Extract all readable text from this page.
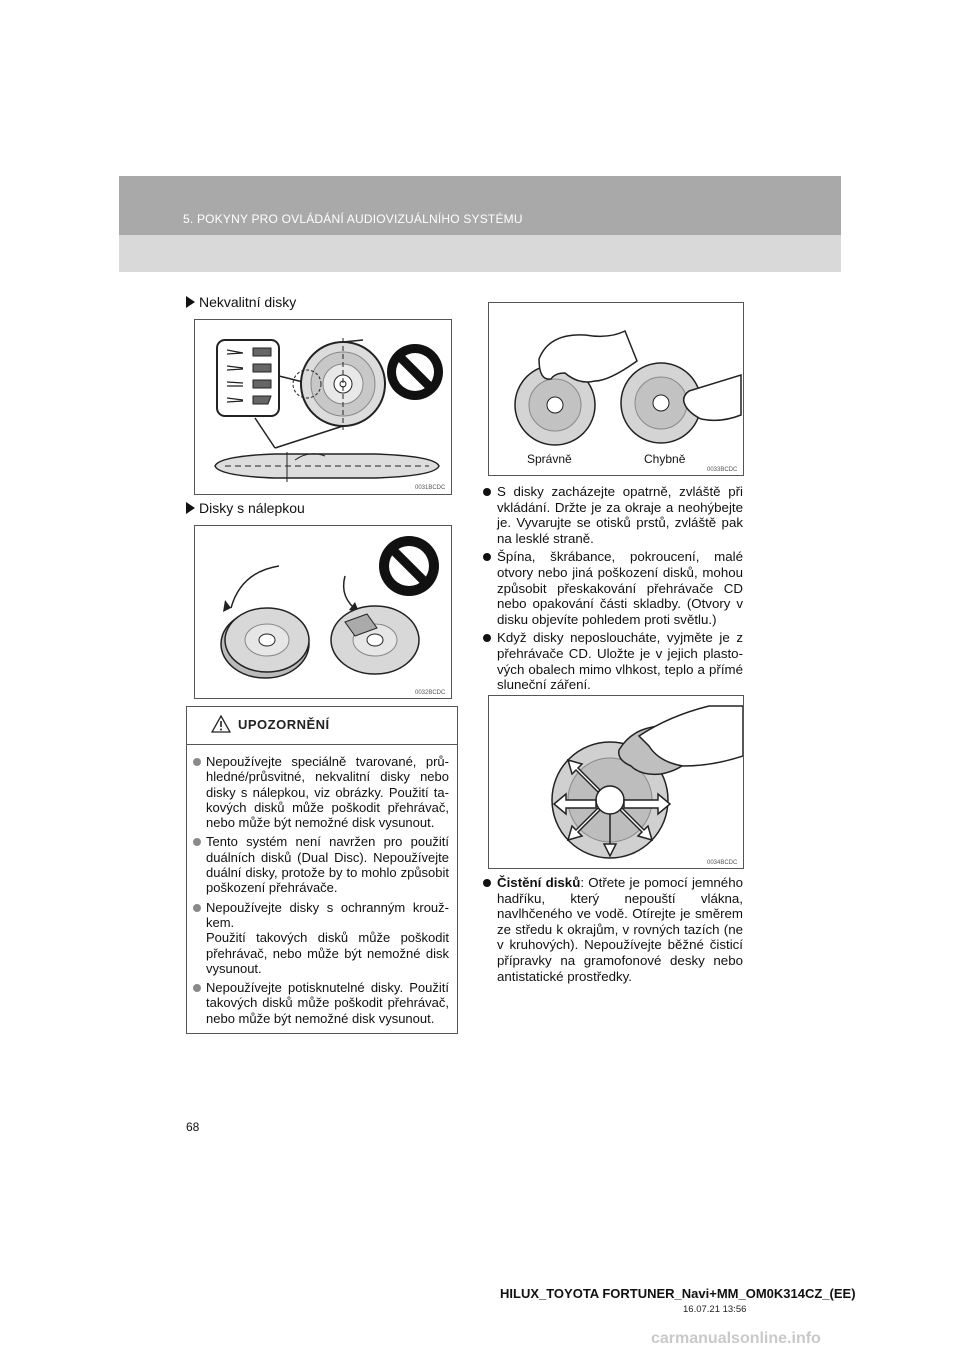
5. POKYNY PRO OVLÁDÁNÍ AUDIOVIZUÁLNÍHO SYSTÉMU
Nekvalitní disky
0031BCDC
Disky s nálepkou
0032BCDC
UPOZORNĚNÍ
Nepoužívejte speciálně tvarované, průhledné/průsvitné, nekvalitní disky nebo disky s nálepkou, viz obrázky. Použití takových disků může poškodit přehrávač, nebo může být nemožné disk vysunout.
Tento systém není navržen pro použití duálních disků (Dual Disc). Nepoužívejte duální disky, protože by to mohlo způsobit poškození přehrávače.
Nepoužívejte disky s ochranným kroužkem.
Použití takových disků může poškodit přehrávač, nebo může být nemožné disk vysunout.
Nepoužívejte potisknutelné disky. Použití takových disků může poškodit přehrávač, nebo může být nemožné disk vysunout.
Správně	Chybně
0033BCDC
S disky zacházejte opatrně, zvláště při vkládání. Držte je za okraje a neohýbejte je. Vyvarujte se otisků prstů, zvláště pak na lesklé straně.
Špína, škrábance, pokroucení, malé otvory nebo jiná poškození disků, mohou způsobit přeskakování přehrávače CD nebo opakování části skladby. (Otvory v disku objevíte pohledem proti světlu.)
Když disky neposloucháte, vyjměte je z přehrávače CD. Uložte je v jejich plastových obalech mimo vlhkost, teplo a přímé sluneční záření.
0034BCDC
Čistění disků: Otřete je pomocí jemného hadříku, který nepouští vlákna, navlhčeného ve vodě. Otírejte je směrem ze středu k okrajům, v rovných tazích (ne v kruhových). Nepoužívejte běžné čisticí přípravky na gramofonové desky nebo antistatické prostředky.
68
HILUX_TOYOTA FORTUNER_Navi+MM_OM0K314CZ_(EE)
16.07.21 13:56
carmanualsonline.info
